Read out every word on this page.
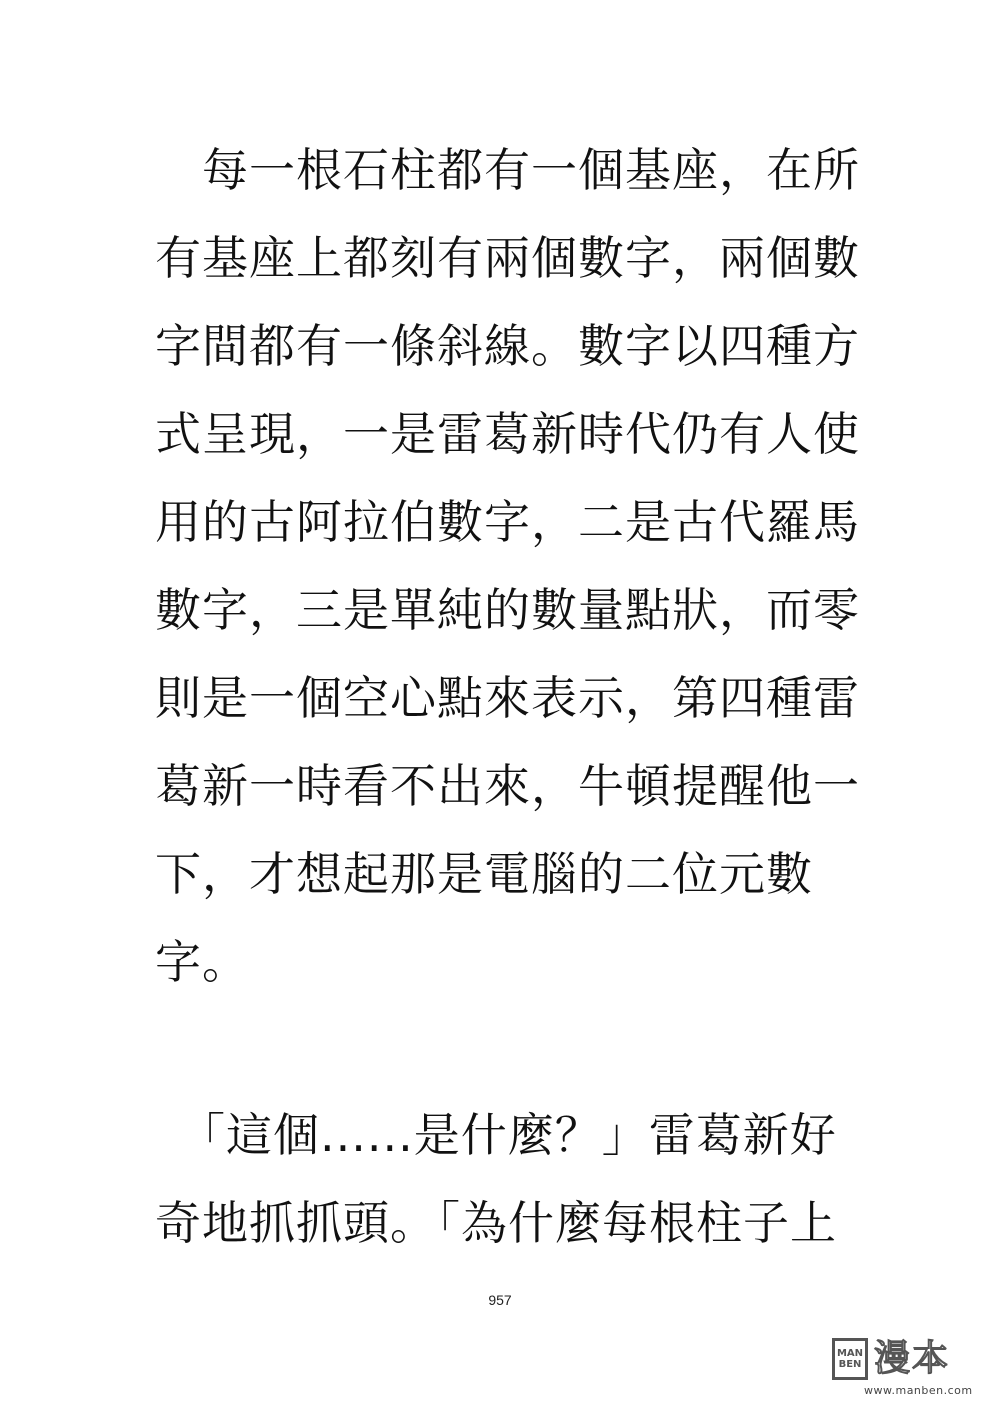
　每一根石柱都有一個基座，在所
有基座上都刻有兩個數字，兩個數
字間都有一條斜線。數字以四種方
式呈現，一是雷葛新時代仍有人使
用的古阿拉伯數字，二是古代羅馬
數字，三是單純的數量點狀，而零
則是一個空心點來表示，第四種雷
葛新一時看不出來，牛頓提醒他一
下，才想起那是電腦的二位元數
字。
　「這個......是什麼？」雷葛新好
奇地抓抓頭。「為什麼每根柱子上
957
MAN
BEN 漫本
www.manben.com
